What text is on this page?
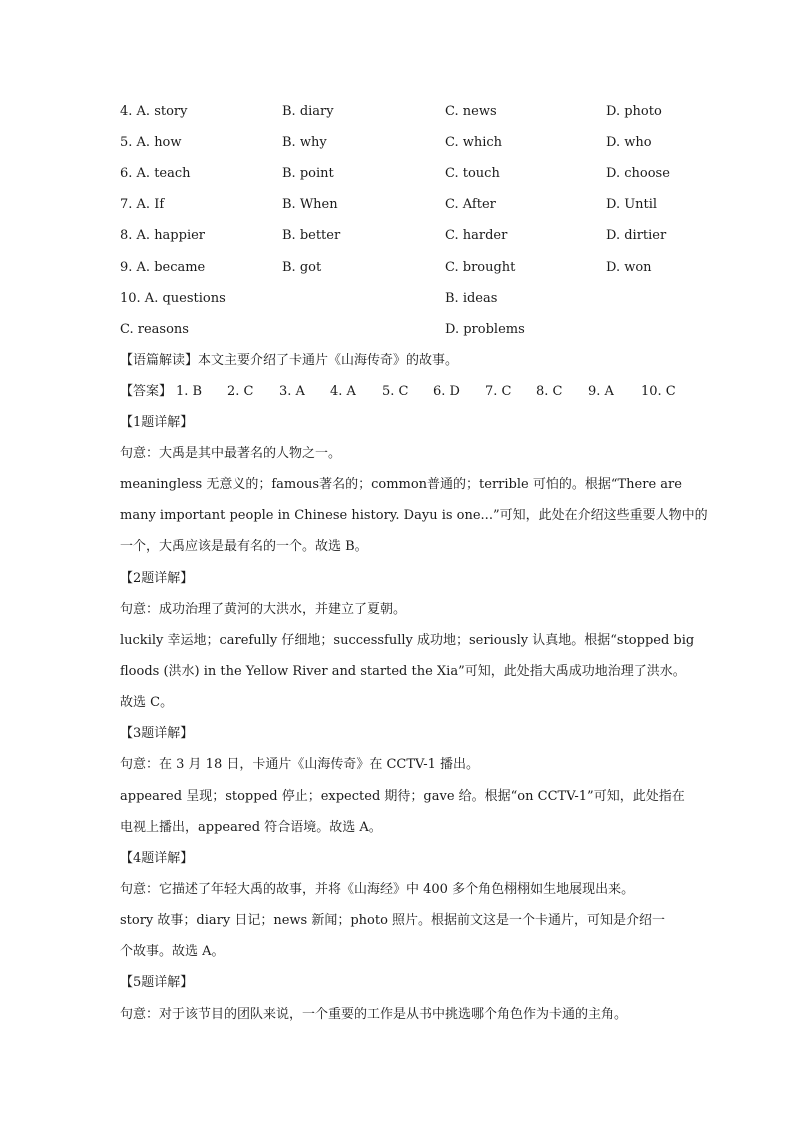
4. A. story	B. diary	C. news	D. photo
5. A. how	B. why	C. which	D. who
6. A. teach	B. point	C. touch	D. choose
7. A. If	B. When	C. After	D. Until
8. A. happier	B. better	C. harder	D. dirtier
9. A. became	B. got	C. brought	D. won
10. A. questions	B. ideas
C. reasons	D. problems
【语篇解读】本文主要介绍了卡通片《山海传奇》的故事。
【答案】 1. B 2. C 3. A 4. A 5. C 6. D 7. C 8. C 9. A 10. C
【1题详解】
句意：大禹是其中最著名的人物之一。
meaningless 无意义的；famous著名的；common普通的；terrible 可怕的。根据“There are
many important people in Chinese history. Dayu is one...”可知，此处在介绍这些重要人物中的
一个，大禹应该是最有名的一个。故选 B。
【2题详解】
句意：成功治理了黄河的大洪水，并建立了夏朝。
luckily 幸运地；carefully 仔细地；successfully 成功地；seriously 认真地。根据“stopped big
floods (洪水) in the Yellow River and started the Xia”可知，此处指大禹成功地治理了洪水。
故选 C。
【3题详解】
句意：在 3 月 18 日，卡通片《山海传奇》在 CCTV-1 播出。
appeared 呈现；stopped 停止；expected 期待；gave 给。根据“on CCTV-1”可知，此处指在
电视上播出，appeared 符合语境。故选 A。
【4题详解】
句意：它描述了年轻大禹的故事，并将《山海经》中 400 多个角色栩栩如生地展现出来。
story 故事；diary 日记；news 新闻；photo 照片。根据前文这是一个卡通片，可知是介绍一
个故事。故选 A。
【5题详解】
句意：对于该节目的团队来说，一个重要的工作是从书中挑选哪个角色作为卡通的主角。
